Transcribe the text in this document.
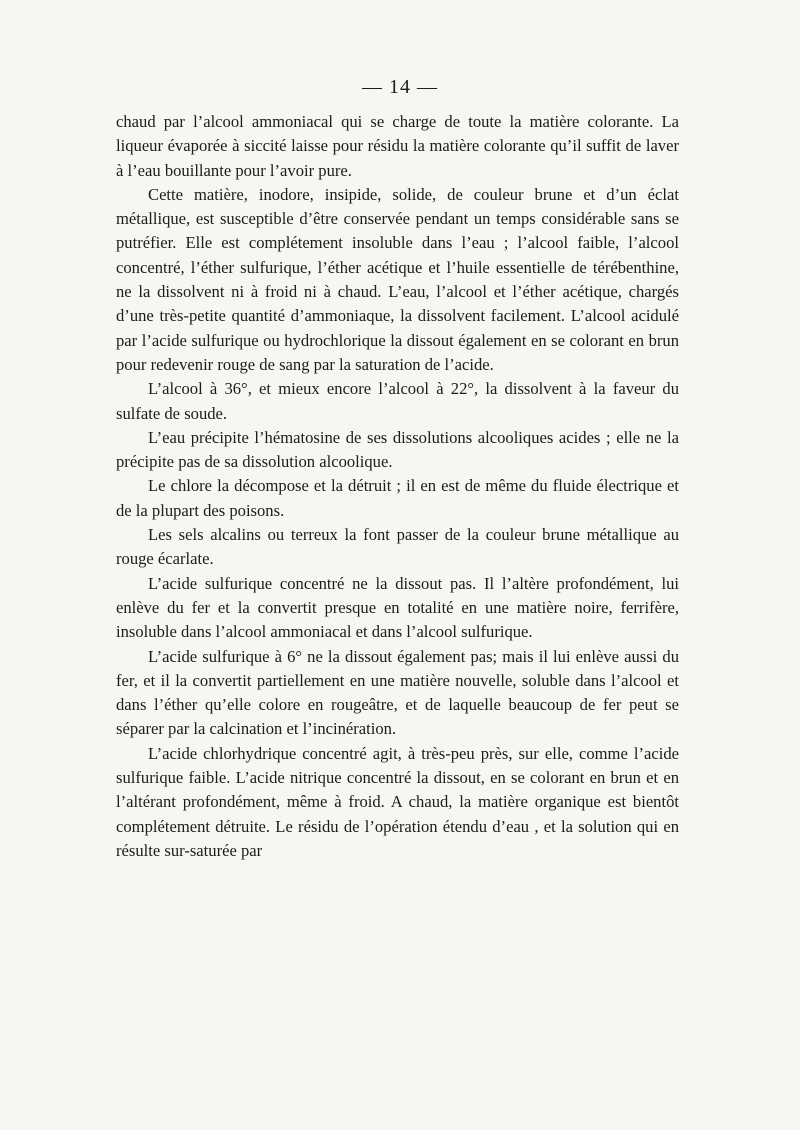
— 14 —

chaud par l’alcool ammoniacal qui se charge de toute la matière colorante. La liqueur évaporée à siccité laisse pour résidu la matière colorante qu’il suffit de laver à l’eau bouillante pour l’avoir pure.

Cette matière, inodore, insipide, solide, de couleur brune et d’un éclat métallique, est susceptible d’être conservée pendant un temps considérable sans se putréfier. Elle est complétement insoluble dans l’eau ; l’alcool faible, l’alcool concentré, l’éther sulfurique, l’éther acétique et l’huile essentielle de térébenthine, ne la dissolvent ni à froid ni à chaud. L’eau, l’alcool et l’éther acétique, chargés d’une très-petite quantité d’ammoniaque, la dissolvent facilement. L’alcool acidulé par l’acide sulfurique ou hydrochlorique la dissout également en se colorant en brun pour redevenir rouge de sang par la saturation de l’acide.

L’alcool à 36°, et mieux encore l’alcool à 22°, la dissolvent à la faveur du sulfate de soude.

L’eau précipite l’hématosine de ses dissolutions alcooliques acides ; elle ne la précipite pas de sa dissolution alcoolique.

Le chlore la décompose et la détruit ; il en est de même du fluide électrique et de la plupart des poisons.

Les sels alcalins ou terreux la font passer de la couleur brune métallique au rouge écarlate.

L’acide sulfurique concentré ne la dissout pas. Il l’altère profondément, lui enlève du fer et la convertit presque en totalité en une matière noire, ferrifère, insoluble dans l’alcool ammoniacal et dans l’alcool sulfurique.

L’acide sulfurique à 6° ne la dissout également pas; mais il lui enlève aussi du fer, et il la convertit partiellement en une matière nouvelle, soluble dans l’alcool et dans l’éther qu’elle colore en rougeâtre, et de laquelle beaucoup de fer peut se séparer par la calcination et l’incinération.

L’acide chlorhydrique concentré agit, à très-peu près, sur elle, comme l’acide sulfurique faible. L’acide nitrique concentré la dissout, en se colorant en brun et en l’altérant profondément, même à froid. A chaud, la matière organique est bientôt complétement détruite. Le résidu de l’opération étendu d’eau , et la solution qui en résulte sur-saturée par
